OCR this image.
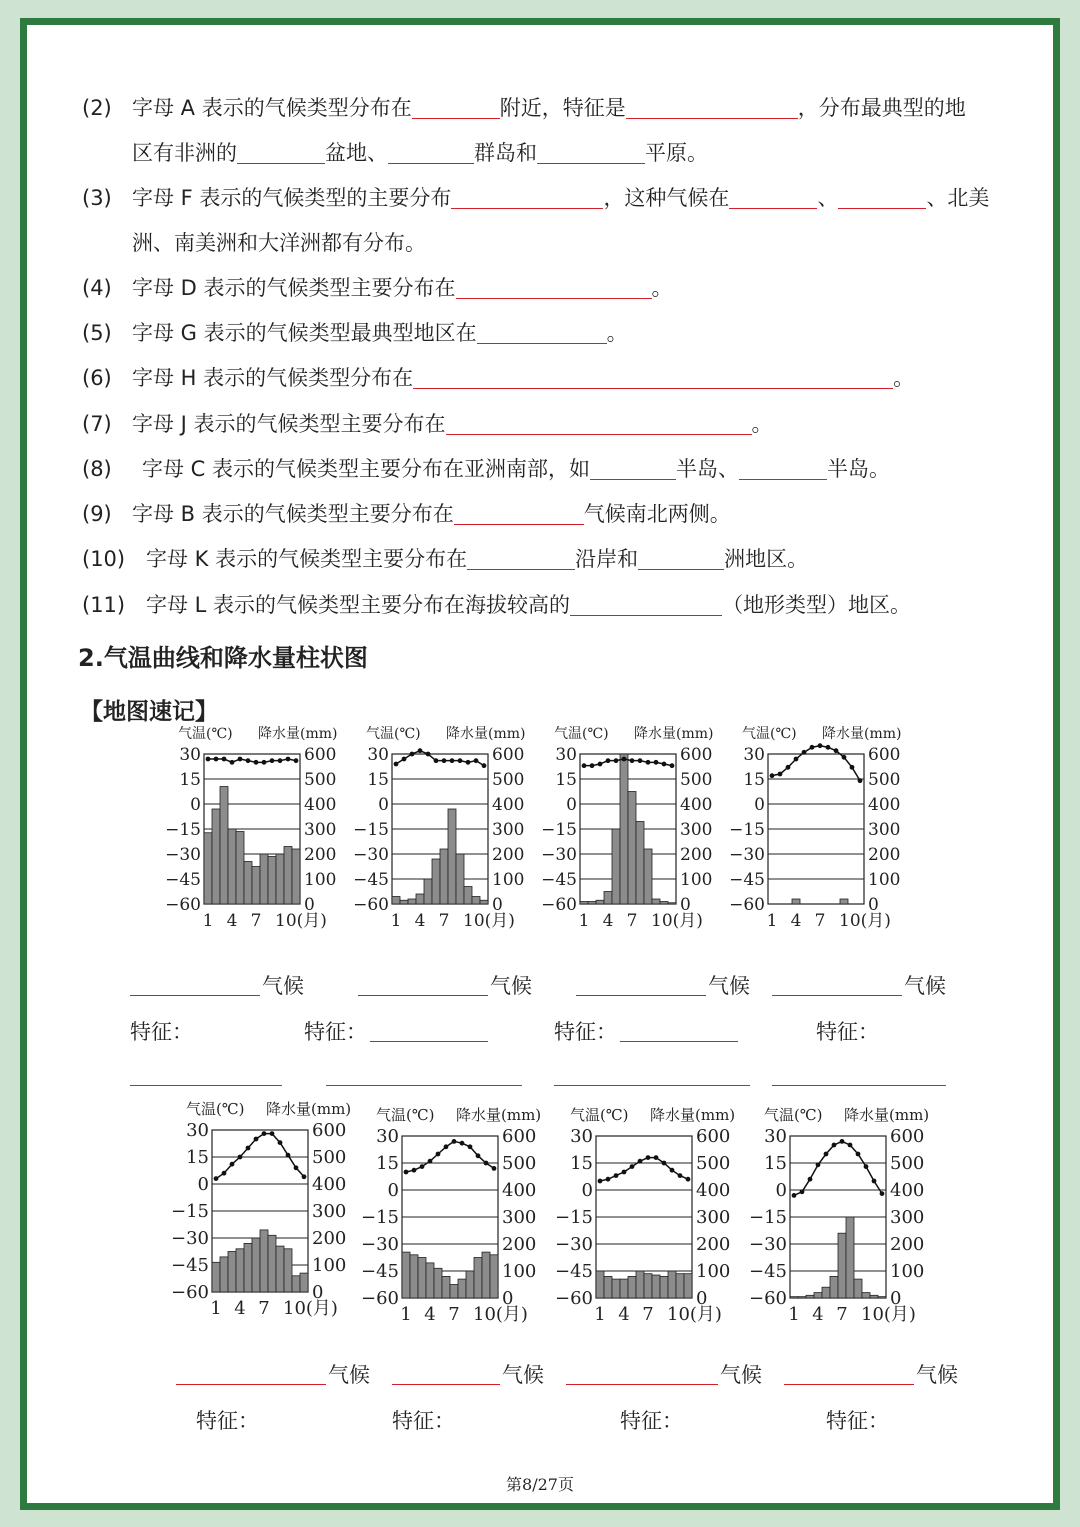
(2) 字母 A 表示的气候类型分布在	附近，特征是	，分布最典型的地
区有非洲的	盆地、	群岛和	平原。
(3) 字母 F 表示的气候类型的主要分布	，这种气候在	、	、北美
洲、南美洲和大洋洲都有分布。
(4) 字母 D 表示的气候类型主要分布在	。
(5) 字母 G 表示的气候类型最典型地区在	。
(6) 字母 H 表示的气候类型分布在	。
(7) 字母 J 表示的气候类型主要分布在	。
(8) 字母 C 表示的气候类型主要分布在亚洲南部，如	半岛、	半岛。
(9) 字母 B 表示的气候类型主要分布在	气候南北两侧。
(10) 字母 K 表示的气候类型主要分布在	沿岸和	洲地区。
(11) 字母 L 表示的气候类型主要分布在海拔较高的	（地形类型）地区。
2.气温曲线和降水量柱状图
【地图速记】
气温(℃) 降水量(mm)
30	600
15	500
0	400
−15	300
−30	200
−45	100
−60	0
1 4 7 10(月)
气温(℃) 降水量(mm)
30	600
15	500
0	400
−15	300
−30	200
−45	100
−60	0
1 4 7 10(月)
气温(℃) 降水量(mm)
30	600
15	500
0	400
−15	300
−30	200
−45	100
−60	0
1 4 7 10(月)
气温(℃) 降水量(mm)
30	600
15	500
0	400
−15	300
−30	200
−45	100
−60	0
1 4 7 10(月)
气温(℃) 降水量(mm)
30	600
15	500
0	400
−15	300
−30	200
−45	100
−60	0
1 4 7 10(月)
气温(℃) 降水量(mm)
30	600
15	500
0	400
−15	300
−30	200
−45	100
−60	0
1 4 7 10(月)
气温(℃) 降水量(mm)
30	600
15	500
0	400
−15	300
−30	200
−45	100
−60	0
1 4 7 10(月)
气温(℃) 降水量(mm)
30	600
15	500
0	400
−15	300
−30	200
−45	100
−60	0
1 4 7 10(月)
气候	气候	气候	气候
特征：	特征：	特征：	特征：
气候	气候	气候	气候
特征：	特征：	特征：	特征：
第8/27页
